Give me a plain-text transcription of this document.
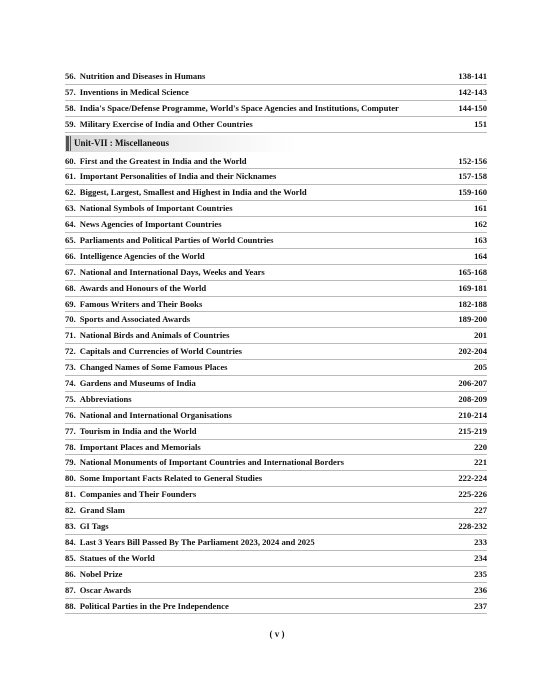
56. Nutrition and Diseases in Humans	138-141
57. Inventions in Medical Science	142-143
58. India's Space/Defense Programme, World's Space Agencies and Institutions, Computer	144-150
59. Military Exercise of India and Other Countries	151
Unit-VII : Miscellaneous
60. First and the Greatest in India and the World	152-156
61. Important Personalities of India and their Nicknames	157-158
62. Biggest, Largest, Smallest and Highest in India and the World	159-160
63. National Symbols of Important Countries	161
64. News Agencies of Important Countries	162
65. Parliaments and Political Parties of World Countries	163
66. Intelligence Agencies of the World	164
67. National and International Days, Weeks and Years	165-168
68. Awards and Honours of the World	169-181
69. Famous Writers and Their Books	182-188
70. Sports and Associated Awards	189-200
71. National Birds and Animals of Countries	201
72. Capitals and Currencies of World Countries	202-204
73. Changed Names of Some Famous Places	205
74. Gardens and Museums of India	206-207
75. Abbreviations	208-209
76. National and International Organisations	210-214
77. Tourism in India and the World	215-219
78. Important Places and Memorials	220
79. National Monuments of Important Countries and International Borders	221
80. Some Important Facts Related to General Studies	222-224
81. Companies and Their Founders	225-226
82. Grand Slam	227
83. GI Tags	228-232
84. Last 3 Years Bill Passed By The Parliament 2023, 2024 and 2025	233
85. Statues of the World	234
86. Nobel Prize	235
87. Oscar Awards	236
88. Political Parties in the Pre Independence	237
( v )
